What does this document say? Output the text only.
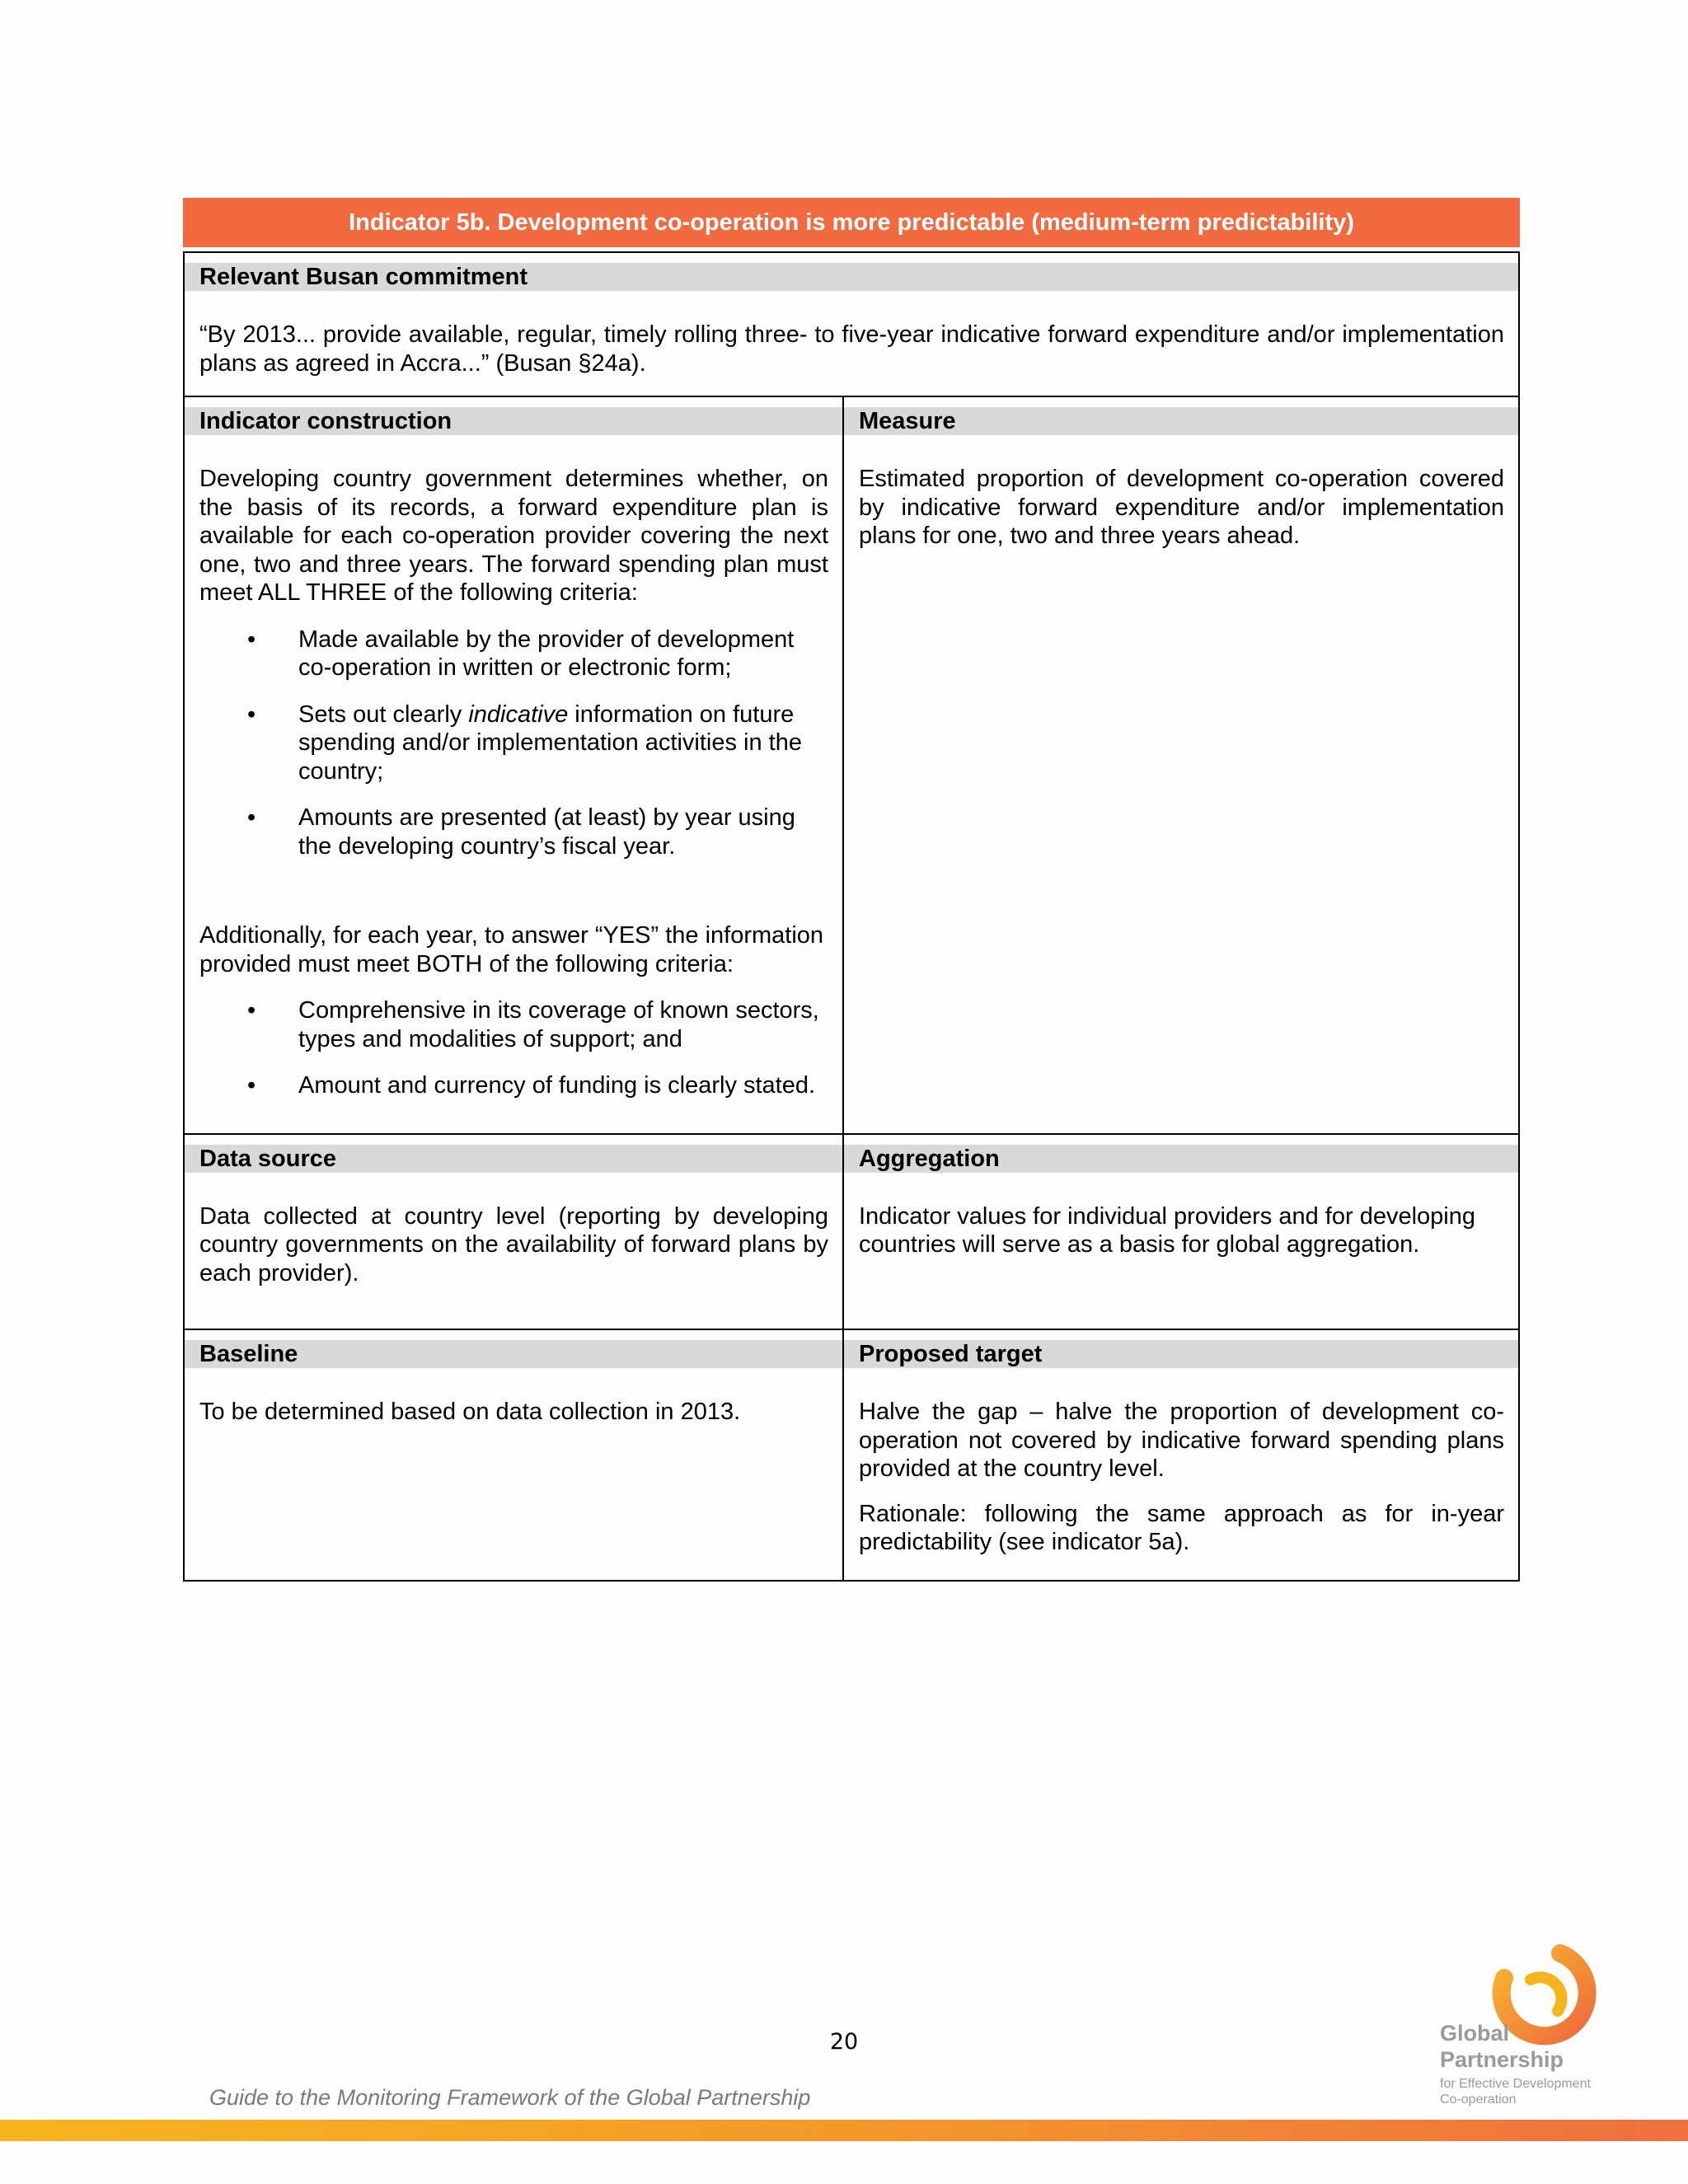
Indicator 5b. Development co-operation is more predictable (medium-term predictability)
Relevant Busan commitment

“By 2013... provide available, regular, timely rolling three- to five-year indicative forward expenditure and/or implementation plans as agreed in Accra...” (Busan §24a).

Indicator construction

Developing country government determines whether, on the basis of its records, a forward expenditure plan is available for each co-operation provider covering the next one, two and three years. The forward spending plan must meet ALL THREE of the following criteria:

• Made available by the provider of development co-operation in written or electronic form;
• Sets out clearly indicative information on future spending and/or implementation activities in the country;
• Amounts are presented (at least) by year using the developing country’s fiscal year.

Additionally, for each year, to answer “YES” the information provided must meet BOTH of the following criteria:

• Comprehensive in its coverage of known sectors, types and modalities of support; and
• Amount and currency of funding is clearly stated.
Measure

Estimated proportion of development co-operation covered by indicative forward expenditure and/or implementation plans for one, two and three years ahead.

Data source

Data collected at country level (reporting by developing country governments on the availability of forward plans by each provider).

Aggregation

Indicator values for individual providers and for developing countries will serve as a basis for global aggregation.

Baseline

To be determined based on data collection in 2013.

Proposed target

Halve the gap – halve the proportion of development co-operation not covered by indicative forward spending plans provided at the country level.

Rationale: following the same approach as for in-year predictability (see indicator 5a).

20
Guide to the Monitoring Framework of the Global Partnership
Global
Partnership
for Effective Development
Co-operation
